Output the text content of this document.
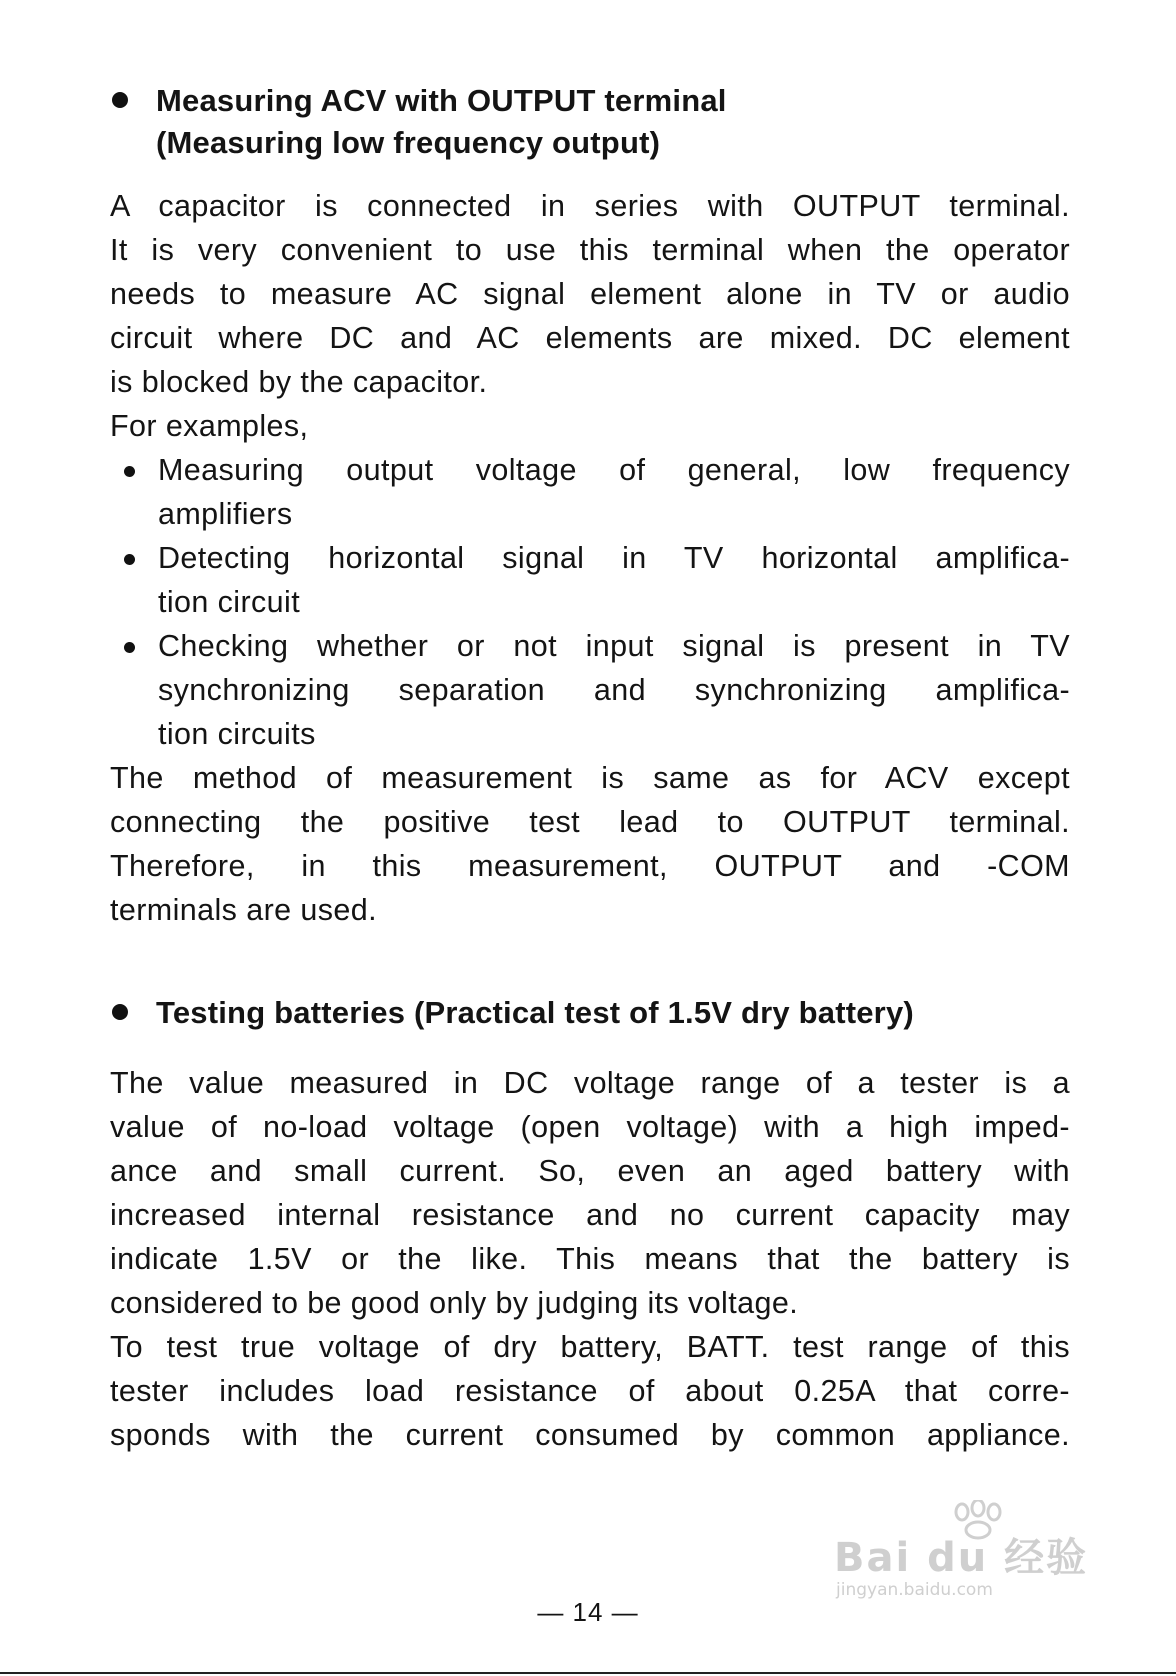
Measuring ACV with OUTPUT terminal
(Measuring low frequency output)
A capacitor is connected in series with OUTPUT terminal.
It is very convenient to use this terminal when the operator
needs to measure AC signal element alone in TV or audio
circuit where DC and AC elements are mixed. DC element
is blocked by the capacitor.
For examples,
Measuring output voltage of general, low frequency
amplifiers
Detecting horizontal signal in TV horizontal amplifica-
tion circuit
Checking whether or not input signal is present in TV
synchronizing separation and synchronizing amplifica-
tion circuits
The method of measurement is same as for ACV except
connecting the positive test lead to OUTPUT terminal.
Therefore, in this measurement, OUTPUT and -COM
terminals are used.
Testing batteries (Practical test of 1.5V dry battery)
The value measured in DC voltage range of a tester is a
value of no-load voltage (open voltage) with a high imped-
ance and small current. So, even an aged battery with
increased internal resistance and no current capacity may
indicate 1.5V or the like. This means that the battery is
considered to be good only by judging its voltage.
To test true voltage of dry battery, BATT. test range of this
tester includes load resistance of about 0.25A that corre-
sponds with the current consumed by common appliance.
Bai du 经验
jingyan.baidu.com
— 14 —
